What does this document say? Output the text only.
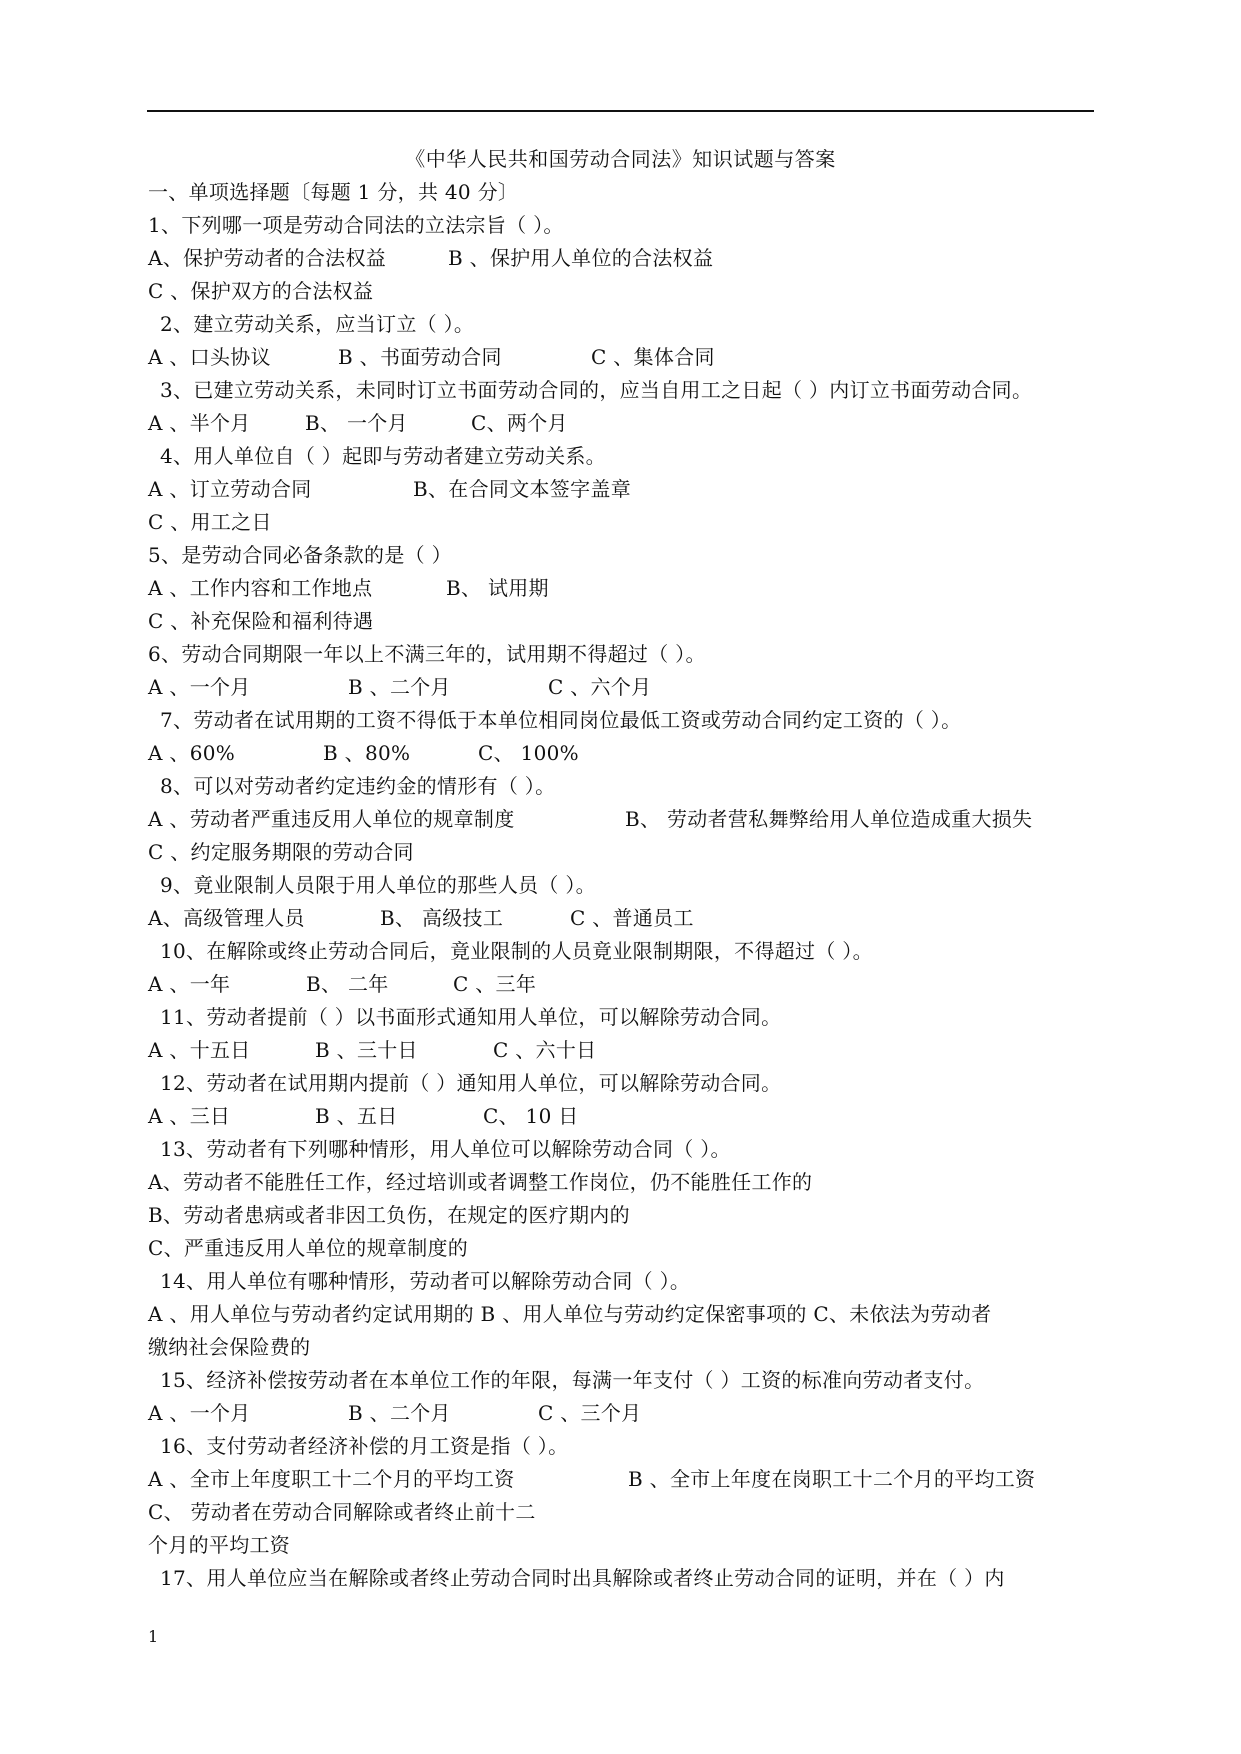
《中华人民共和国劳动合同法》知识试题与答案
一、单项选择题〔每题 1 分，共 40 分〕
1、下列哪一项是劳动合同法的立法宗旨（ ）。
A、保护劳动者的合法权益	B 、保护用人单位的合法权益
C 、保护双方的合法权益
2、建立劳动关系，应当订立（ ）。
A 、口头协议	B 、书面劳动合同	C 、集体合同
3、已建立劳动关系，未同时订立书面劳动合同的，应当自用工之日起（ ）内订立书面劳动合同。
A 、半个月	B、 一个月	C、两个月
4、用人单位自（ ）起即与劳动者建立劳动关系。
A 、订立劳动合同	B、在合同文本签字盖章
C 、用工之日
5、是劳动合同必备条款的是（ ）
A 、工作内容和工作地点	B、 试用期
C 、补充保险和福利待遇
6、劳动合同期限一年以上不满三年的，试用期不得超过（ ）。
A 、一个月	B 、二个月	C 、六个月
7、劳动者在试用期的工资不得低于本单位相同岗位最低工资或劳动合同约定工资的（ ）。
A 、60%	B 、80%	C、 100%
8、可以对劳动者约定违约金的情形有（ ）。
A 、劳动者严重违反用人单位的规章制度	B、 劳动者营私舞弊给用人单位造成重大损失
C 、约定服务期限的劳动合同
9、竟业限制人员限于用人单位的那些人员（ ）。
A、高级管理人员	B、 高级技工	C 、普通员工
10、在解除或终止劳动合同后，竟业限制的人员竟业限制期限，不得超过（ ）。
A 、一年	B、 二年	C 、三年
11、劳动者提前（ ）以书面形式通知用人单位，可以解除劳动合同。
A 、十五日	B 、三十日	C 、六十日
12、劳动者在试用期内提前（ ）通知用人单位，可以解除劳动合同。
A 、三日	B 、五日	C、 10 日
13、劳动者有下列哪种情形，用人单位可以解除劳动合同（ ）。
A、劳动者不能胜任工作，经过培训或者调整工作岗位，仍不能胜任工作的
B、劳动者患病或者非因工负伤，在规定的医疗期内的
C、严重违反用人单位的规章制度的
14、用人单位有哪种情形，劳动者可以解除劳动合同（ ）。
A 、用人单位与劳动者约定试用期的 B 、用人单位与劳动约定保密事项的 C、未依法为劳动者
缴纳社会保险费的
15、经济补偿按劳动者在本单位工作的年限，每满一年支付（ ）工资的标准向劳动者支付。
A 、一个月	B 、二个月	C 、三个月
16、支付劳动者经济补偿的月工资是指（ ）。
A 、全市上年度职工十二个月的平均工资	B 、全市上年度在岗职工十二个月的平均工资
C、 劳动者在劳动合同解除或者终止前十二
个月的平均工资
17、用人单位应当在解除或者终止劳动合同时出具解除或者终止劳动合同的证明，并在（ ）内
1
